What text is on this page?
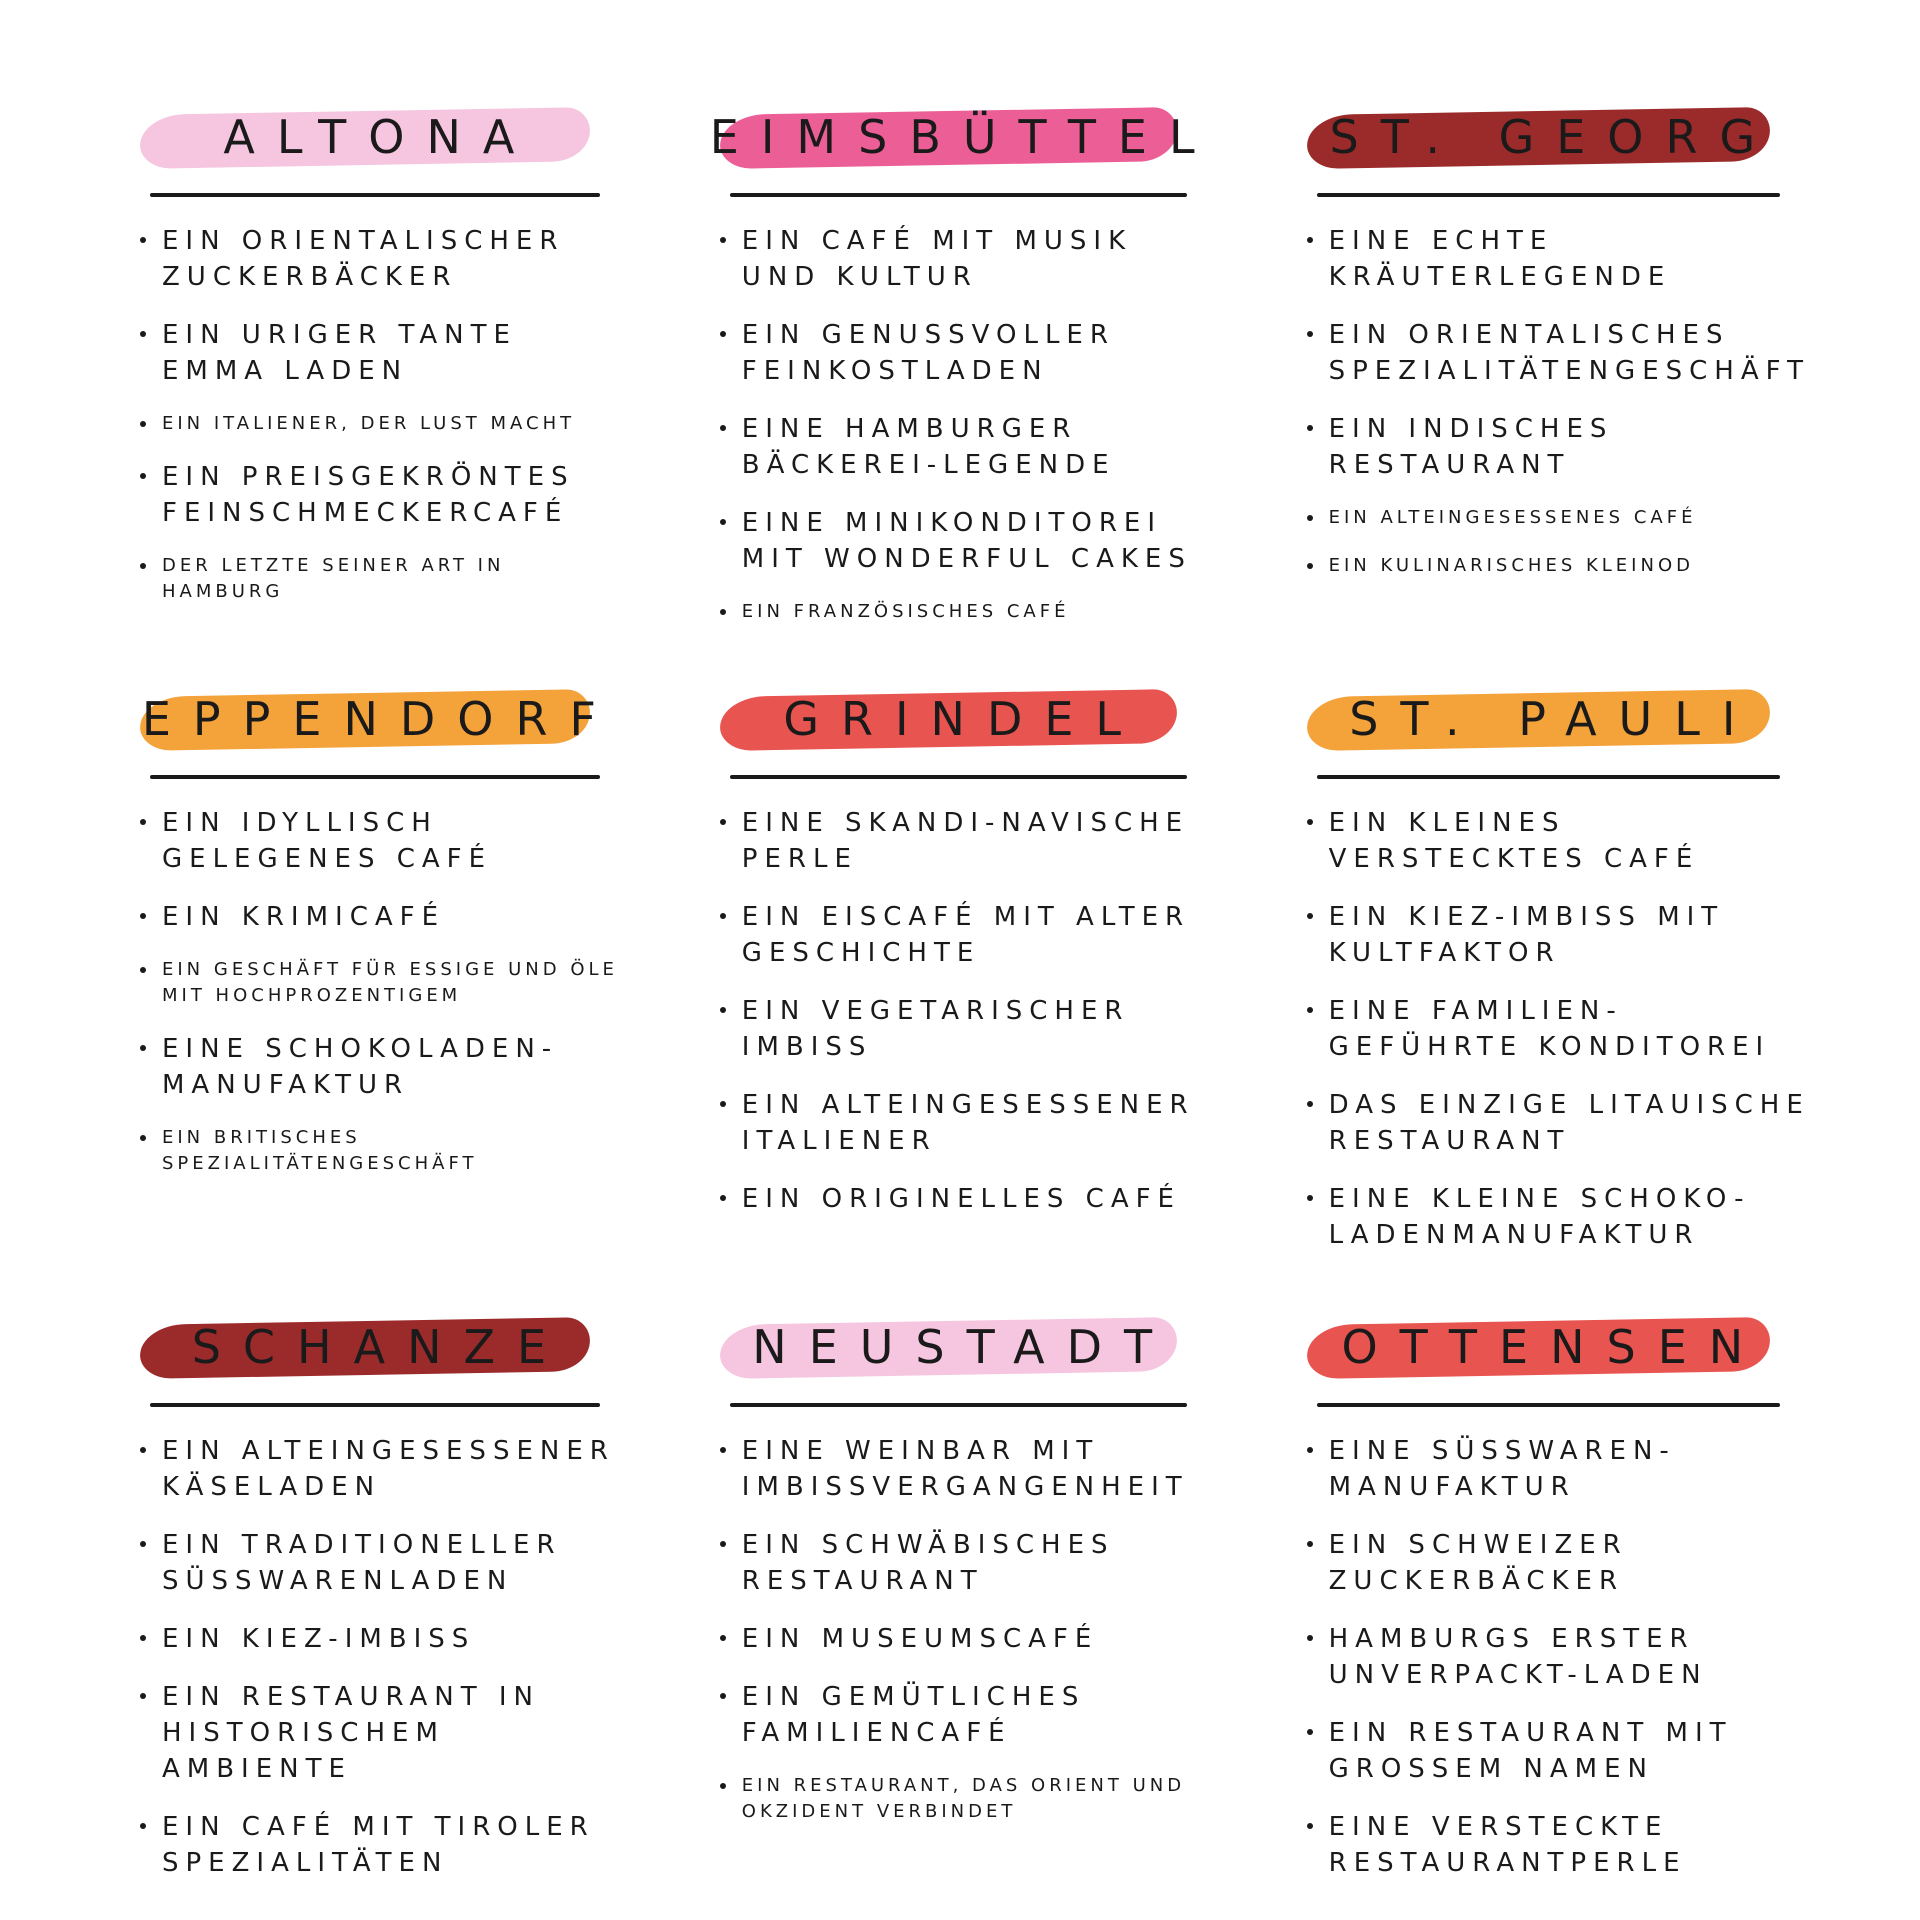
ALTONA
EIN ORIENTALISCHER ZUCKERBÄCKER
EIN URIGER TANTE EMMA LADEN
EIN ITALIENER, DER LUST MACHT
EIN PREISGEKRÖNTES FEINSCHMECKERCAFÉ
DER LETZTE SEINER ART IN HAMBURG
EIMSBÜTTEL
EIN CAFÉ MIT MUSIK UND KULTUR
EIN GENUSSVOLLER FEINKOSTLADEN
EINE HAMBURGER BÄCKEREI-LEGENDE
EINE MINIKONDITOREI MIT WONDERFUL CAKES
EIN FRANZÖSISCHES CAFÉ
ST. GEORG
EINE ECHTE KRÄUTERLEGENDE
EIN ORIENTALISCHES SPEZIALITÄTENGESCHÄFT
EIN INDISCHES RESTAURANT
EIN ALTEINGESESSENES CAFÉ
EIN KULINARISCHES KLEINOD
EPPENDORF
EIN IDYLLISCH GELEGENES CAFÉ
EIN KRIMICAFÉ
EIN GESCHÄFT FÜR ESSIGE UND ÖLE MIT HOCHPROZENTIGEM
EINE SCHOKOLADEN-MANUFAKTUR
EIN BRITISCHES SPEZIALITÄTENGESCHÄFT
GRINDEL
EINE SKANDI-NAVISCHE PERLE
EIN EISCAFÉ MIT ALTER GESCHICHTE
EIN VEGETARISCHER IMBISS
EIN ALTEINGESESSENER ITALIENER
EIN ORIGINELLES CAFÉ
ST. PAULI
EIN KLEINES VERSTECKTES CAFÉ
EIN KIEZ-IMBISS MIT KULTFAKTOR
EINE FAMILIEN-GEFÜHRTE KONDITOREI
DAS EINZIGE LITAUISCHE RESTAURANT
EINE KLEINE SCHOKO-LADENMANUFAKTUR
SCHANZE
EIN ALTEINGESESSENER KÄSELADEN
EIN TRADITIONELLER SÜSSWARENLADEN
EIN KIEZ-IMBISS
EIN RESTAURANT IN HISTORISCHEM AMBIENTE
EIN CAFÉ MIT TIROLER SPEZIALITÄTEN
NEUSTADT
EINE WEINBAR MIT IMBISSVERGANGENHEIT
EIN SCHWÄBISCHES RESTAURANT
EIN MUSEUMSCAFÉ
EIN GEMÜTLICHES FAMILIENCAFÉ
EIN RESTAURANT, DAS ORIENT UND OKZIDENT VERBINDET
OTTENSEN
EINE SÜSSWAREN-MANUFAKTUR
EIN SCHWEIZER ZUCKERBÄCKER
HAMBURGS ERSTER UNVERPACKT-LADEN
EIN RESTAURANT MIT GROSSEM NAMEN
EINE VERSTECKTE RESTAURANTPERLE
